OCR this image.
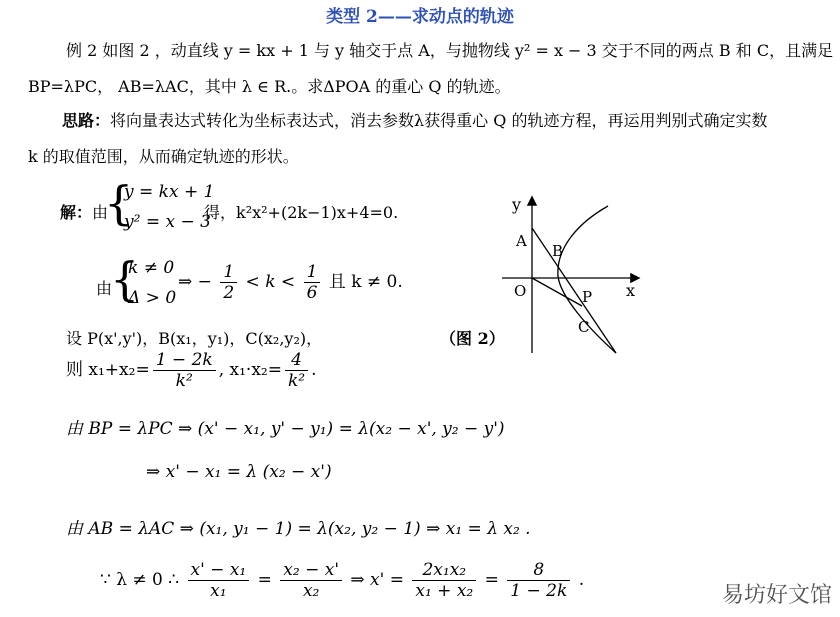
类型 2——求动点的轨迹
例 2 如图 2 ，动直线 y = kx + 1 与 y 轴交于点 A，与抛物线 y² = x − 3 交于不同的两点 B 和 C，且满足
BP=λPC， AB=λAC，其中 λ ∈ R.。求ΔPOA 的重心 Q 的轨迹。
思路：将向量表达式转化为坐标表达式，消去参数λ获得重心 Q 的轨迹方程，再运用判别式确定实数
k 的取值范围，从而确定轨迹的形状。
解：由
{
y = kx + 1
y² = x − 3
得，k²x²+(2k−1)x+4=0.
由
{
k ≠ 0
Δ > 0
⇒ − $\frac{1}{2} < k < \frac{1}{6}$ 且 k ≠ 0.
设 P(x',y')，B(x₁，y₁)，C(x₂,y₂)，	（图 2）
则 $x_1+x_2= \frac{1 - 2k}{\text{k²}}$ , $x_1\cdot x_2= \frac{4}{\text{k²}}$ .
由 BP = λPC ⇒ (x' − x₁, y' − y₁) = λ(x₂ − x', y₂ − y')
⇒ x' − x₁ = λ (x₂ − x')
由 AB = λAC ⇒ (x₁, y₁ − 1) = λ(x₂, y₂ − 1) ⇒ x₁ = λ x₂ .
∵ λ ≠ 0 ∴ $\frac{\text{x' − x₁}}{\text{x₁}} = \frac{\text{x₂ − x'}}{\text{x₂}}$ ⇒ $x' = \frac{\text{2x₁x₂}}{\text{x₁ + x₂}} = \frac{8}{1 - 2k}$ .
y
x
O
A
B
P
C
易坊好文馆
